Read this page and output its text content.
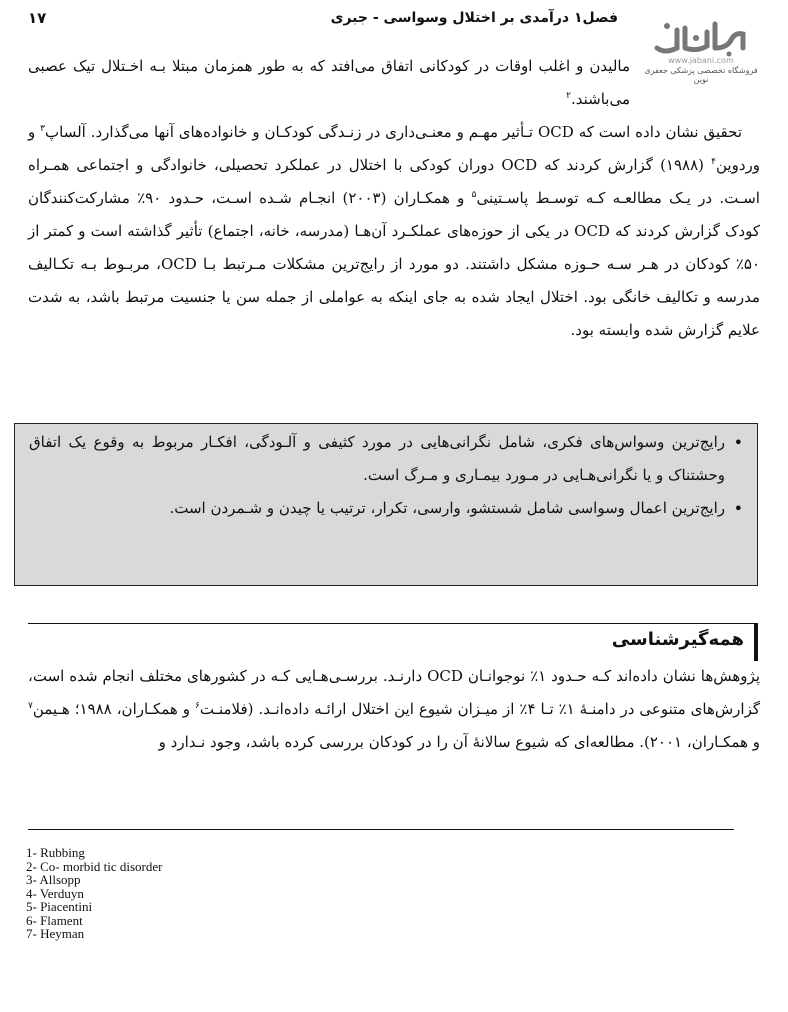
فصل۱ درآمدی بر اختلال وسواسی - جبری
۱۷
www.jabani.com
فروشگاه تخصصی پزشکی جعفری نوین

مالیدن و اغلب اوقات در کودکانی اتفاق می‌افتد که به طور همزمان مبتلا بـه اخـتلال تیک عصبی می‌باشند.$^۲$

تحقیق نشان داده است که OCD تـأثیر مهـم و معنـی‌داری در زنـدگی کودکـان و خانواده‌های آنها می‌گذارد. آلساپ$^۳$ و وردوین$^۴$ (۱۹۸۸) گزارش کردند که OCD دوران کودکی با اختلال در عملکرد تحصیلی، خانوادگی و اجتماعی همـراه اسـت. در یـک مطالعـه کـه توسـط پاسـتینی$^۵$ و همکـاران (۲۰۰۳) انجـام شـده اسـت، حـدود ۹۰٪ مشارکت‌کنندگان کودک گزارش کردند که OCD در یکی از حوزه‌های عملکـرد آن‌هـا (مدرسه، خانه، اجتماع) تأثیر گذاشته است و کمتر از ۵۰٪ کودکان در هـر سـه حـوزه مشکل داشتند. دو مورد از رایج‌ترین مشکلات مـرتبط بـا OCD، مربـوط بـه تکـالیف مدرسه و تکالیف خانگی بود. اختلال ایجاد شده به جای اینکه به عواملی از جمله سن یا جنسیت مرتبط باشد، به شدت علایم گزارش شده وابسته بود.

• رایج‌ترین وسواس‌های فکری، شامل نگرانی‌هایی در مورد کثیفی و آلـودگی، افکـار مربوط به وقوع یک اتفاق وحشتناک و یا نگرانی‌هـایی در مـورد بیمـاری و مـرگ است.
• رایج‌ترین اعمال وسواسی شامل شستشو، وارسی، تکرار، ترتیب یا چیدن و شـمردن است.
همه‌گیرشناسی

پژوهش‌ها نشان داده‌اند کـه حـدود ۱٪ نوجوانـان OCD دارنـد. بررسـی‌هـایی کـه در کشورهای مختلف انجام شده است، گزارش‌های متنوعی در دامنـۀ ۱٪ تـا ۴٪ از میـزان شیوع این اختلال ارائـه داده‌انـد. (فلامنـت$^۶$ و همکـاران، ۱۹۸۸؛ هـیمن$^۷$ و همکـاران، ۲۰۰۱). مطالعه‌ای که شیوع سالانۀ آن را در کودکان بررسی کرده باشد، وجود نـدارد و

1- Rubbing
2- Co- morbid tic disorder
3- Allsopp
4- Verduyn
5- Piacentini
6- Flament
7- Heyman
